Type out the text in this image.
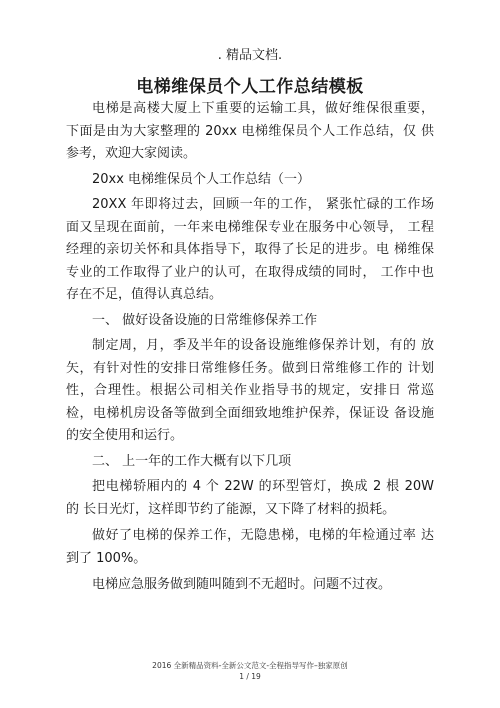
. 精品文档.
电梯维保员个人工作总结模板

电梯是高楼大厦上下重要的运输工具，做好维保很重要， 下面是由为大家整理的 20xx 电梯维保员个人工作总结，仅 供参考，欢迎大家阅读。

20xx 电梯维保员个人工作总结（一）

20XX 年即将过去，回顾一年的工作， 紧张忙碌的工作场 面又呈现在面前，一年来电梯维保专业在服务中心领导， 工程经理的亲切关怀和具体指导下，取得了长足的进步。电 梯维保专业的工作取得了业户的认可，在取得成绩的同时， 工作中也存在不足，值得认真总结。

一、 做好设备设施的日常维修保养工作

制定周，月，季及半年的设备设施维修保养计划，有的 放矢，有针对性的安排日常维修任务。做到日常维修工作的 计划性，合理性。根据公司相关作业指导书的规定，安排日 常巡检，电梯机房设备等做到全面细致地维护保养，保证设 备设施的安全使用和运行。

二、 上一年的工作大概有以下几项

把电梯轿厢内的 4 个 22W 的环型管灯，换成 2 根 20W 的 长日光灯，这样即节约了能源，又下降了材料的损耗。

做好了电梯的保养工作，无隐患梯，电梯的年检通过率 达到了 100%。

电梯应急服务做到随叫随到不无超时。问题不过夜。

2016 全新精品资料-全新公文范文-全程指导写作–独家原创
1 / 19
